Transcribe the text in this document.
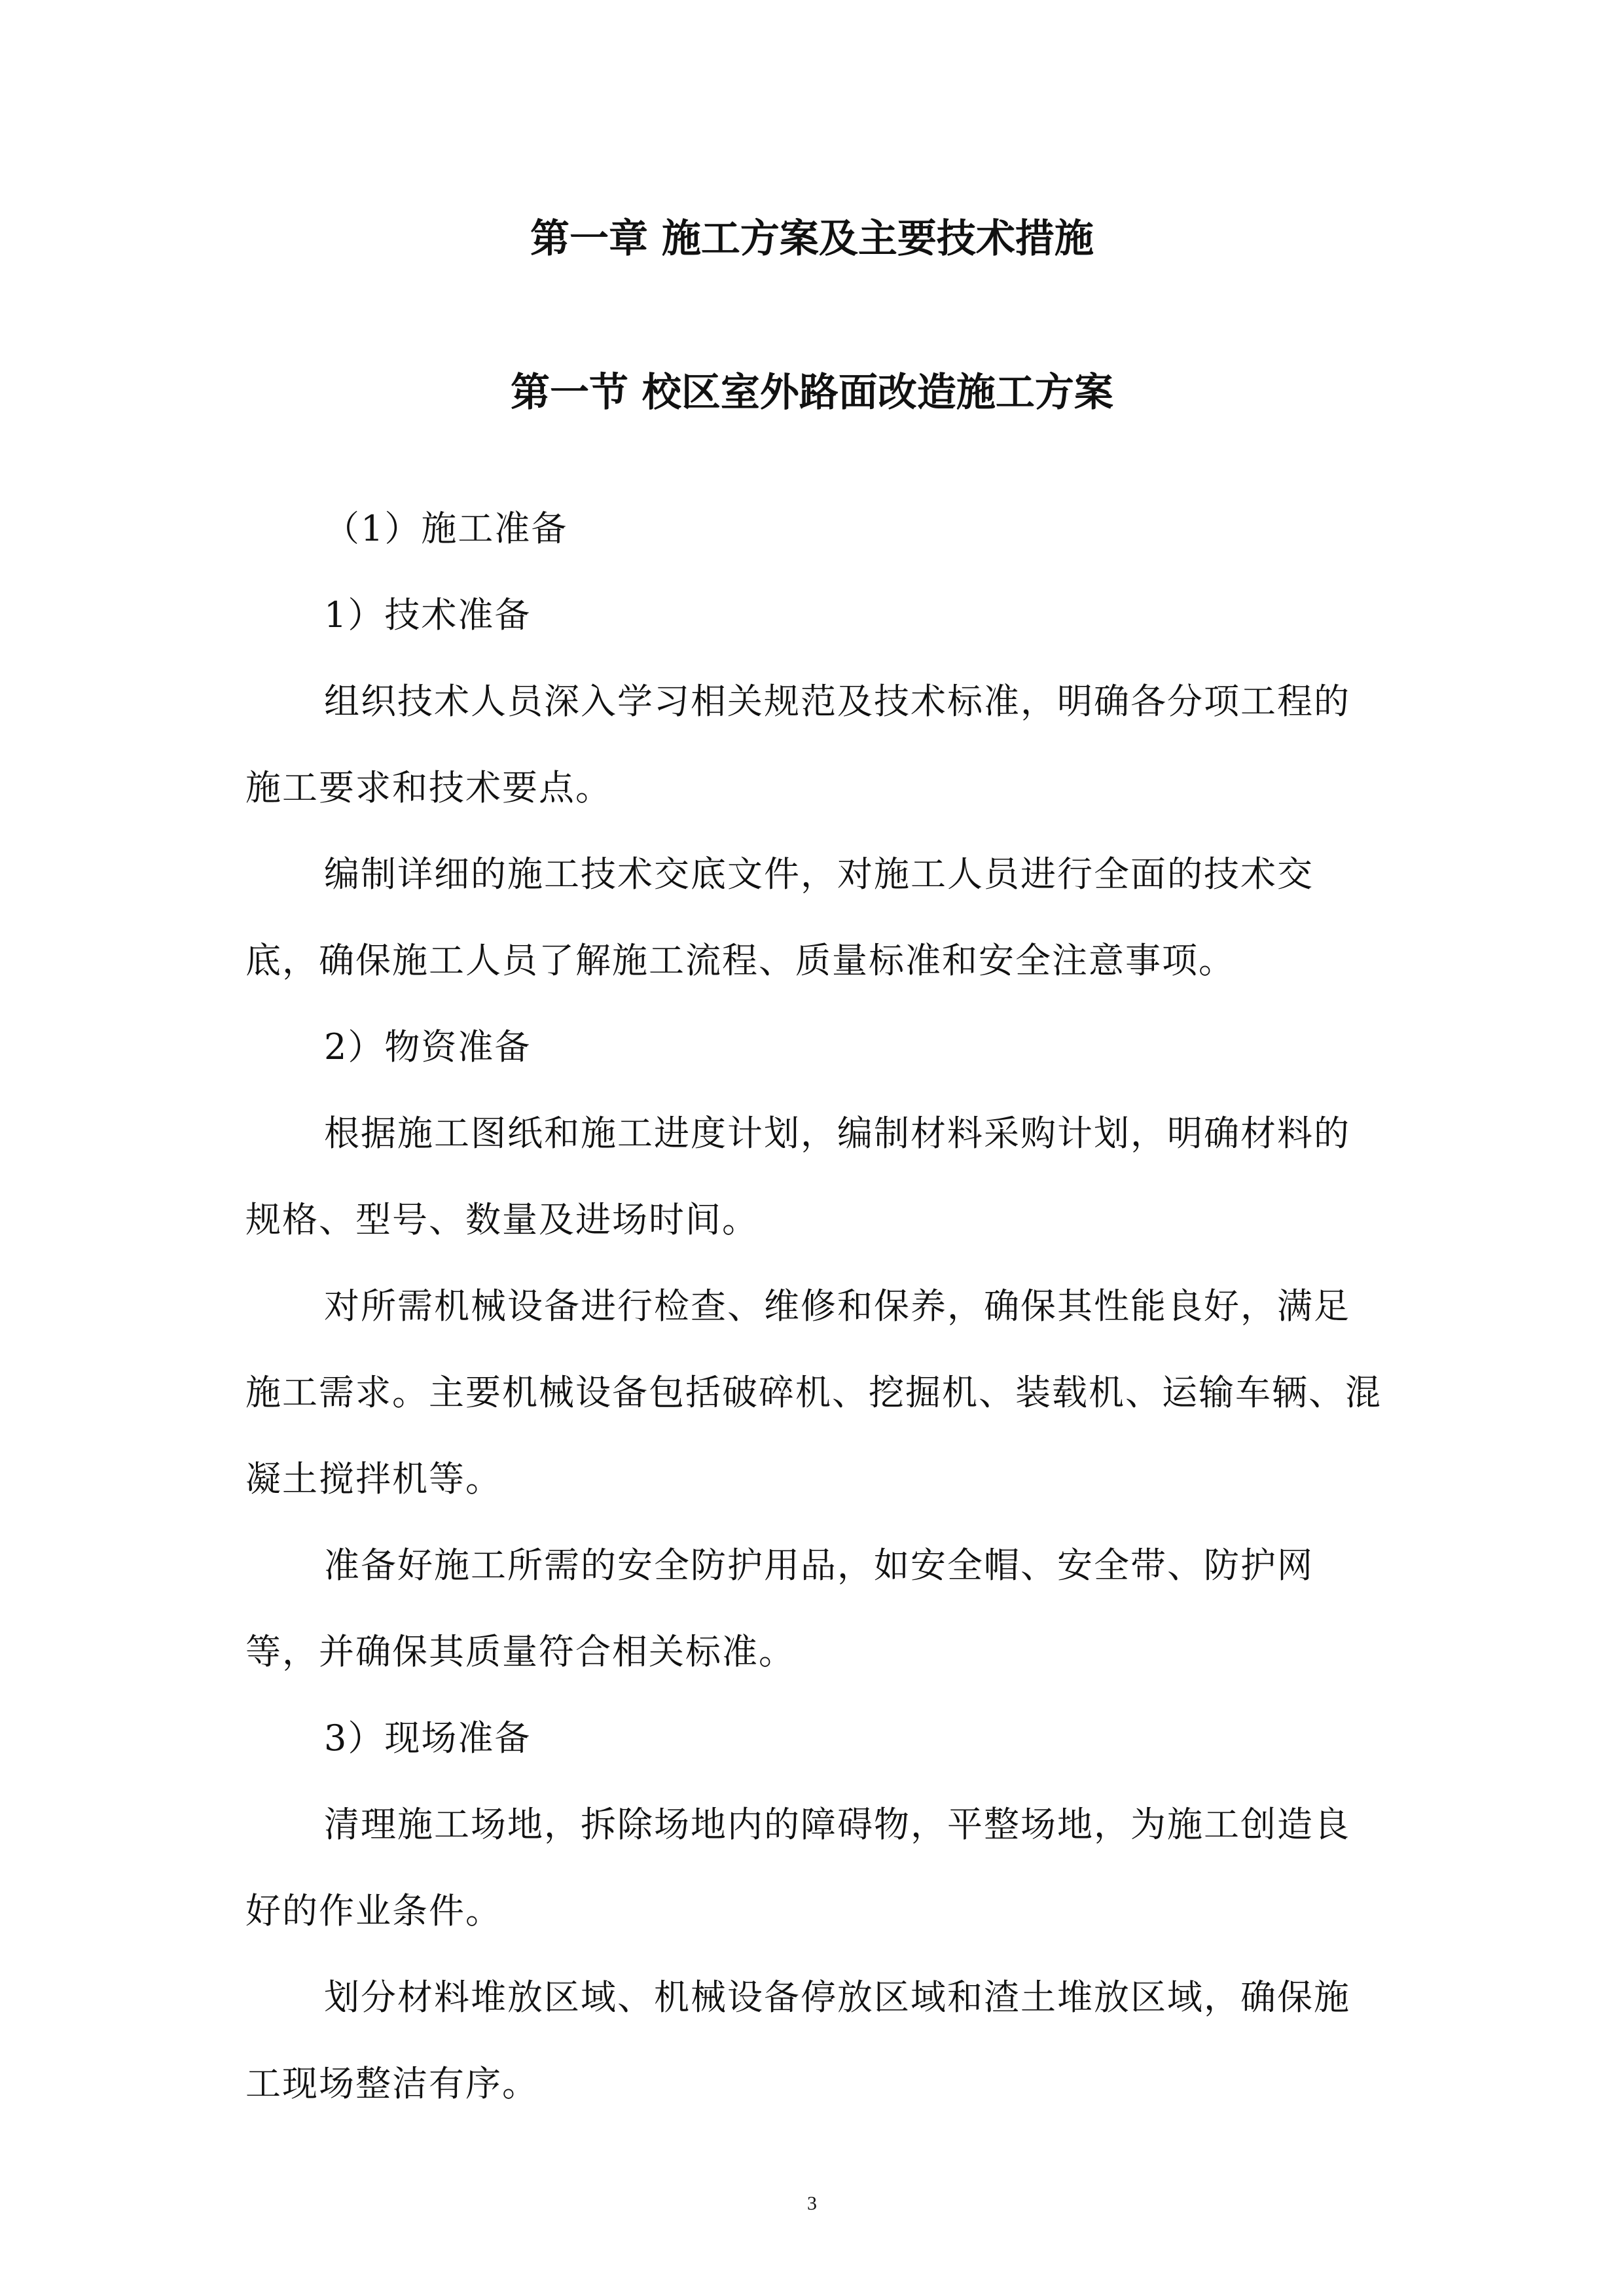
第一章 施工方案及主要技术措施
第一节 校区室外路面改造施工方案

（1）施工准备

1）技术准备

组织技术人员深入学习相关规范及技术标准，明确各分项工程的施工要求和技术要点。

编制详细的施工技术交底文件，对施工人员进行全面的技术交底，确保施工人员了解施工流程、质量标准和安全注意事项。

2）物资准备

根据施工图纸和施工进度计划，编制材料采购计划，明确材料的规格、型号、数量及进场时间。

对所需机械设备进行检查、维修和保养，确保其性能良好，满足施工需求。主要机械设备包括破碎机、挖掘机、装载机、运输车辆、混凝土搅拌机等。

准备好施工所需的安全防护用品，如安全帽、安全带、防护网等，并确保其质量符合相关标准。

3）现场准备

清理施工场地，拆除场地内的障碍物，平整场地，为施工创造良好的作业条件。

划分材料堆放区域、机械设备停放区域和渣土堆放区域，确保施工现场整洁有序。

3
